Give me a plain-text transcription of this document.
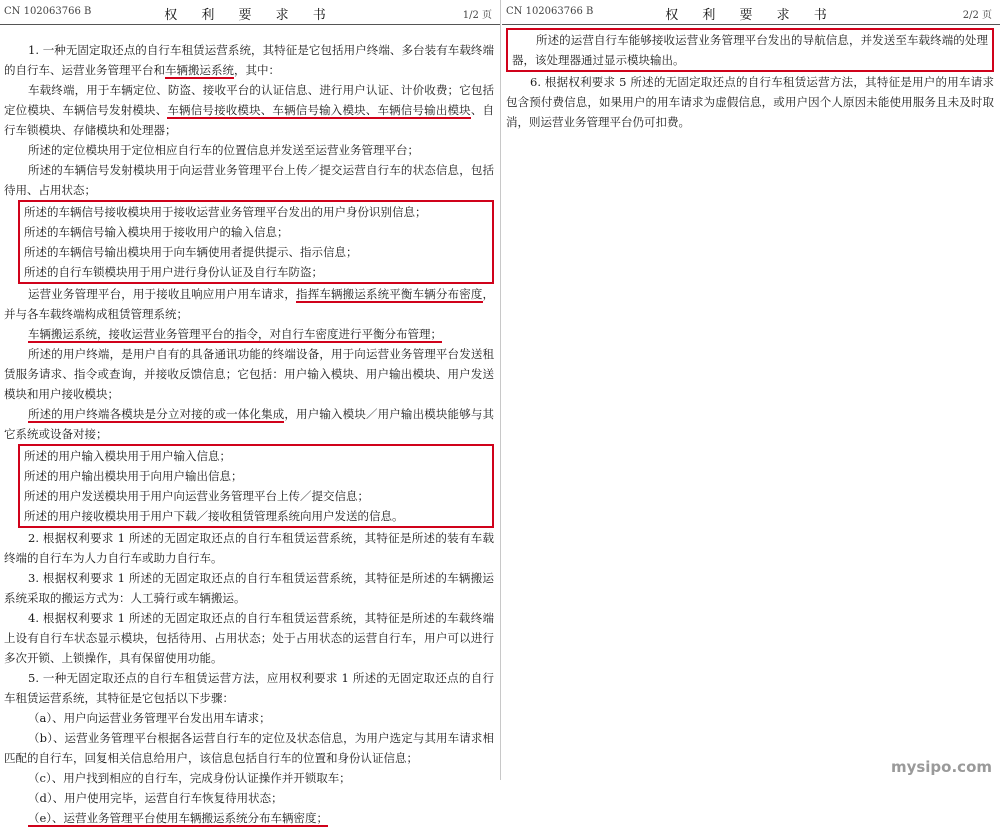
CN 102063766 B	权 利 要 求 书	1/2 页

1. 一种无固定取还点的自行车租赁运营系统，其特征是它包括用户终端、多台装有车载终端的自行车、运营业务管理平台和车辆搬运系统，其中：

车载终端，用于车辆定位、防盗、接收平台的认证信息、进行用户认证、计价收费；它包括定位模块、车辆信号发射模块、车辆信号接收模块、车辆信号输入模块、车辆信号输出模块、自行车锁模块、存储模块和处理器；

所述的定位模块用于定位相应自行车的位置信息并发送至运营业务管理平台；

所述的车辆信号发射模块用于向运营业务管理平台上传／提交运营自行车的状态信息，包括待用、占用状态；

所述的车辆信号接收模块用于接收运营业务管理平台发出的用户身份识别信息；

所述的车辆信号输入模块用于接收用户的输入信息；

所述的车辆信号输出模块用于向车辆使用者提供提示、指示信息；

所述的自行车锁模块用于用户进行身份认证及自行车防盗；

运营业务管理平台，用于接收且响应用户用车请求，指挥车辆搬运系统平衡车辆分布密度，并与各车载终端构成租赁管理系统；

车辆搬运系统，接收运营业务管理平台的指令，对自行车密度进行平衡分布管理；

所述的用户终端，是用户自有的具备通讯功能的终端设备，用于向运营业务管理平台发送租赁服务请求、指令或查询，并接收反馈信息；它包括：用户输入模块、用户输出模块、用户发送模块和用户接收模块；

所述的用户终端各模块是分立对接的或一体化集成，用户输入模块／用户输出模块能够与其它系统或设备对接；

所述的用户输入模块用于用户输入信息；

所述的用户输出模块用于向用户输出信息；

所述的用户发送模块用于用户向运营业务管理平台上传／提交信息；

所述的用户接收模块用于用户下载／接收租赁管理系统向用户发送的信息。

2. 根据权利要求 1 所述的无固定取还点的自行车租赁运营系统，其特征是所述的装有车载终端的自行车为人力自行车或助力自行车。

3. 根据权利要求 1 所述的无固定取还点的自行车租赁运营系统，其特征是所述的车辆搬运系统采取的搬运方式为：人工骑行或车辆搬运。

4. 根据权利要求 1 所述的无固定取还点的自行车租赁运营系统，其特征是所述的车载终端上设有自行车状态显示模块，包括待用、占用状态；处于占用状态的运营自行车，用户可以进行多次开锁、上锁操作，具有保留使用功能。

5. 一种无固定取还点的自行车租赁运营方法，应用权利要求 1 所述的无固定取还点的自行车租赁运营系统，其特征是它包括以下步骤：

（a）、用户向运营业务管理平台发出用车请求；

（b）、运营业务管理平台根据各运营自行车的定位及状态信息，为用户选定与其用车请求相匹配的自行车，回复相关信息给用户，该信息包括自行车的位置和身份认证信息；

（c）、用户找到相应的自行车，完成身份认证操作并开锁取车；

（d）、用户使用完毕，运营自行车恢复待用状态；

（e）、运营业务管理平台使用车辆搬运系统分布车辆密度；

CN 102063766 B	权 利 要 求 书	2/2 页

所述的运营自行车能够接收运营业务管理平台发出的导航信息，并发送至车载终端的处理器，该处理器通过显示模块输出。

6. 根据权利要求 5 所述的无固定取还点的自行车租赁运营方法，其特征是用户的用车请求包含预付费信息，如果用户的用车请求为虚假信息，或用户因个人原因未能使用服务且未及时取消，则运营业务管理平台仍可扣费。

mysipo.com
